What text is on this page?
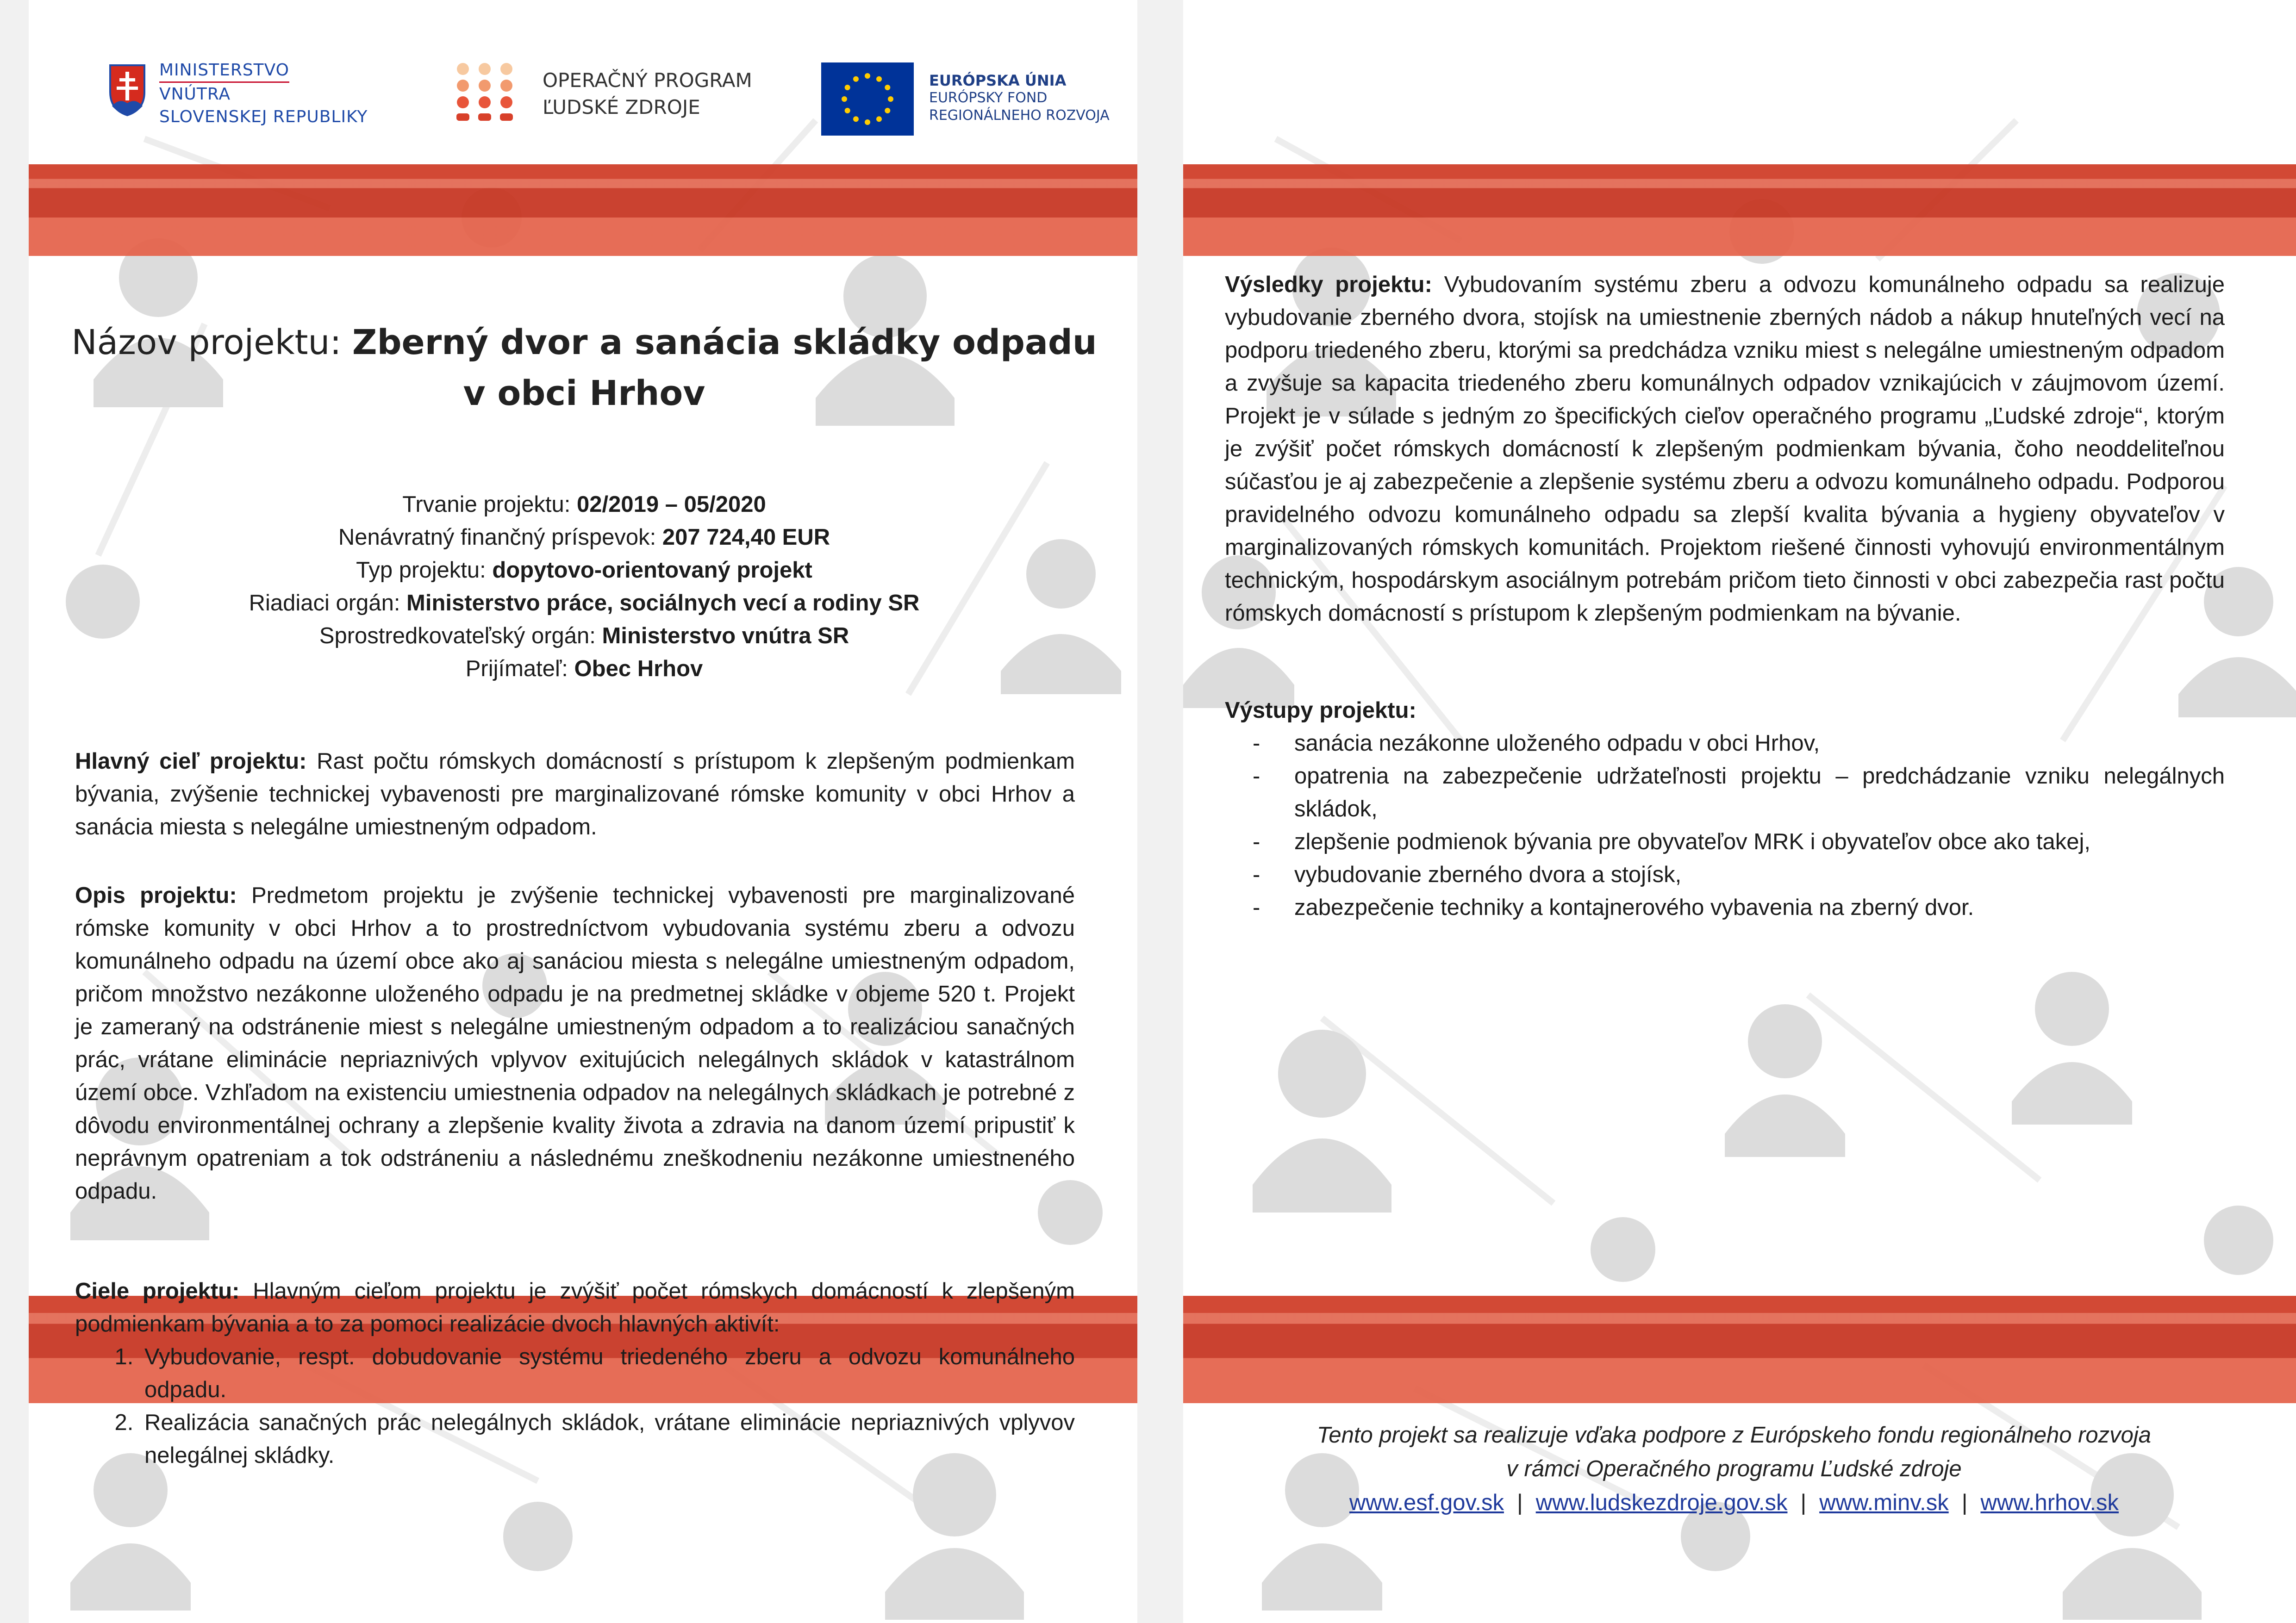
MINISTERSTVO
VNÚTRA
SLOVENSKEJ REPUBLIKY
OPERAČNÝ PROGRAM
ĽUDSKÉ ZDROJE
EURÓPSKA ÚNIA
EURÓPSKY FOND
REGIONÁLNEHO ROZVOJA
Názov projektu: Zberný dvor a sanácia skládky odpadu
v obci Hrhov
Trvanie projektu: 02/2019 – 05/2020
Nenávratný finančný príspevok: 207 724,40 EUR
Typ projektu: dopytovo-orientovaný projekt
Riadiaci orgán: Ministerstvo práce, sociálnych vecí a rodiny SR
Sprostredkovateľský orgán: Ministerstvo vnútra SR
Prijímateľ: Obec Hrhov
Hlavný cieľ projektu: Rast počtu rómskych domácností s prístupom k zlepšeným podmienkam bývania, zvýšenie technickej vybavenosti pre marginalizované rómske komunity v obci Hrhov a sanácia miesta s nelegálne umiestneným odpadom.
Opis projektu: Predmetom projektu je zvýšenie technickej vybavenosti pre marginalizované rómske komunity v obci Hrhov a to prostredníctvom vybudovania systému zberu a odvozu komunálneho odpadu na území obce ako aj sanáciou miesta s nelegálne umiestneným odpadom, pričom množstvo nezákonne uloženého odpadu je na predmetnej skládke v objeme 520 t. Projekt je zameraný na odstránenie miest s nelegálne umiestneným odpadom a to realizáciou sanačných prác, vrátane eliminácie nepriaznivých vplyvov exitujúcich nelegálnych skládok v katastrálnom území obce. Vzhľadom na existenciu umiestnenia odpadov na nelegálnych skládkach je potrebné z dôvodu environmentálnej ochrany a zlepšenie kvality života a zdravia na danom území pripustiť k neprávnym opatreniam a tok odstráneniu a následnému zneškodneniu nezákonne umiestneného odpadu.
Ciele projektu: Hlavným cieľom projektu je zvýšiť počet rómskych domácností k zlepšeným podmienkam bývania a to za pomoci realizácie dvoch hlavných aktivít:
1. Vybudovanie, respt. dobudovanie systému triedeného zberu a odvozu komunálneho odpadu.
2. Realizácia sanačných prác nelegálnych skládok, vrátane eliminácie nepriaznivých vplyvov nelegálnej skládky.
Výsledky projektu: Vybudovaním systému zberu a odvozu komunálneho odpadu sa realizuje vybudovanie zberného dvora, stojísk na umiestnenie zberných nádob a nákup hnuteľných vecí na podporu triedeného zberu, ktorými sa predchádza vzniku miest s nelegálne umiestneným odpadom a zvyšuje sa kapacita triedeného zberu komunálnych odpadov vznikajúcich v záujmovom území. Projekt je v súlade s jedným zo špecifických cieľov operačného programu „Ľudské zdroje“, ktorým je zvýšiť počet rómskych domácností k zlepšeným podmienkam bývania, čoho neoddeliteľnou súčasťou je aj zabezpečenie a zlepšenie systému zberu a odvozu komunálneho odpadu. Podporou pravidelného odvozu komunálneho odpadu sa zlepší kvalita bývania a hygieny obyvateľov v marginalizovaných rómskych komunitách. Projektom riešené činnosti vyhovujú environmentálnym technickým, hospodárskym asociálnym potrebám pričom tieto činnosti v obci zabezpečia rast počtu rómskych domácností s prístupom k zlepšeným podmienkam na bývanie.
Výstupy projektu:
- sanácia nezákonne uloženého odpadu v obci Hrhov,
- opatrenia na zabezpečenie udržateľnosti projektu – predchádzanie vzniku nelegálnych skládok,
- zlepšenie podmienok bývania pre obyvateľov MRK i obyvateľov obce ako takej,
- vybudovanie zberného dvora a stojísk,
- zabezpečenie techniky a kontajnerového vybavenia na zberný dvor.
Tento projekt sa realizuje vďaka podpore z Európskeho fondu regionálneho rozvoja
v rámci Operačného programu Ľudské zdroje
www.esf.gov.sk | www.ludskezdroje.gov.sk | www.minv.sk | www.hrhov.sk
